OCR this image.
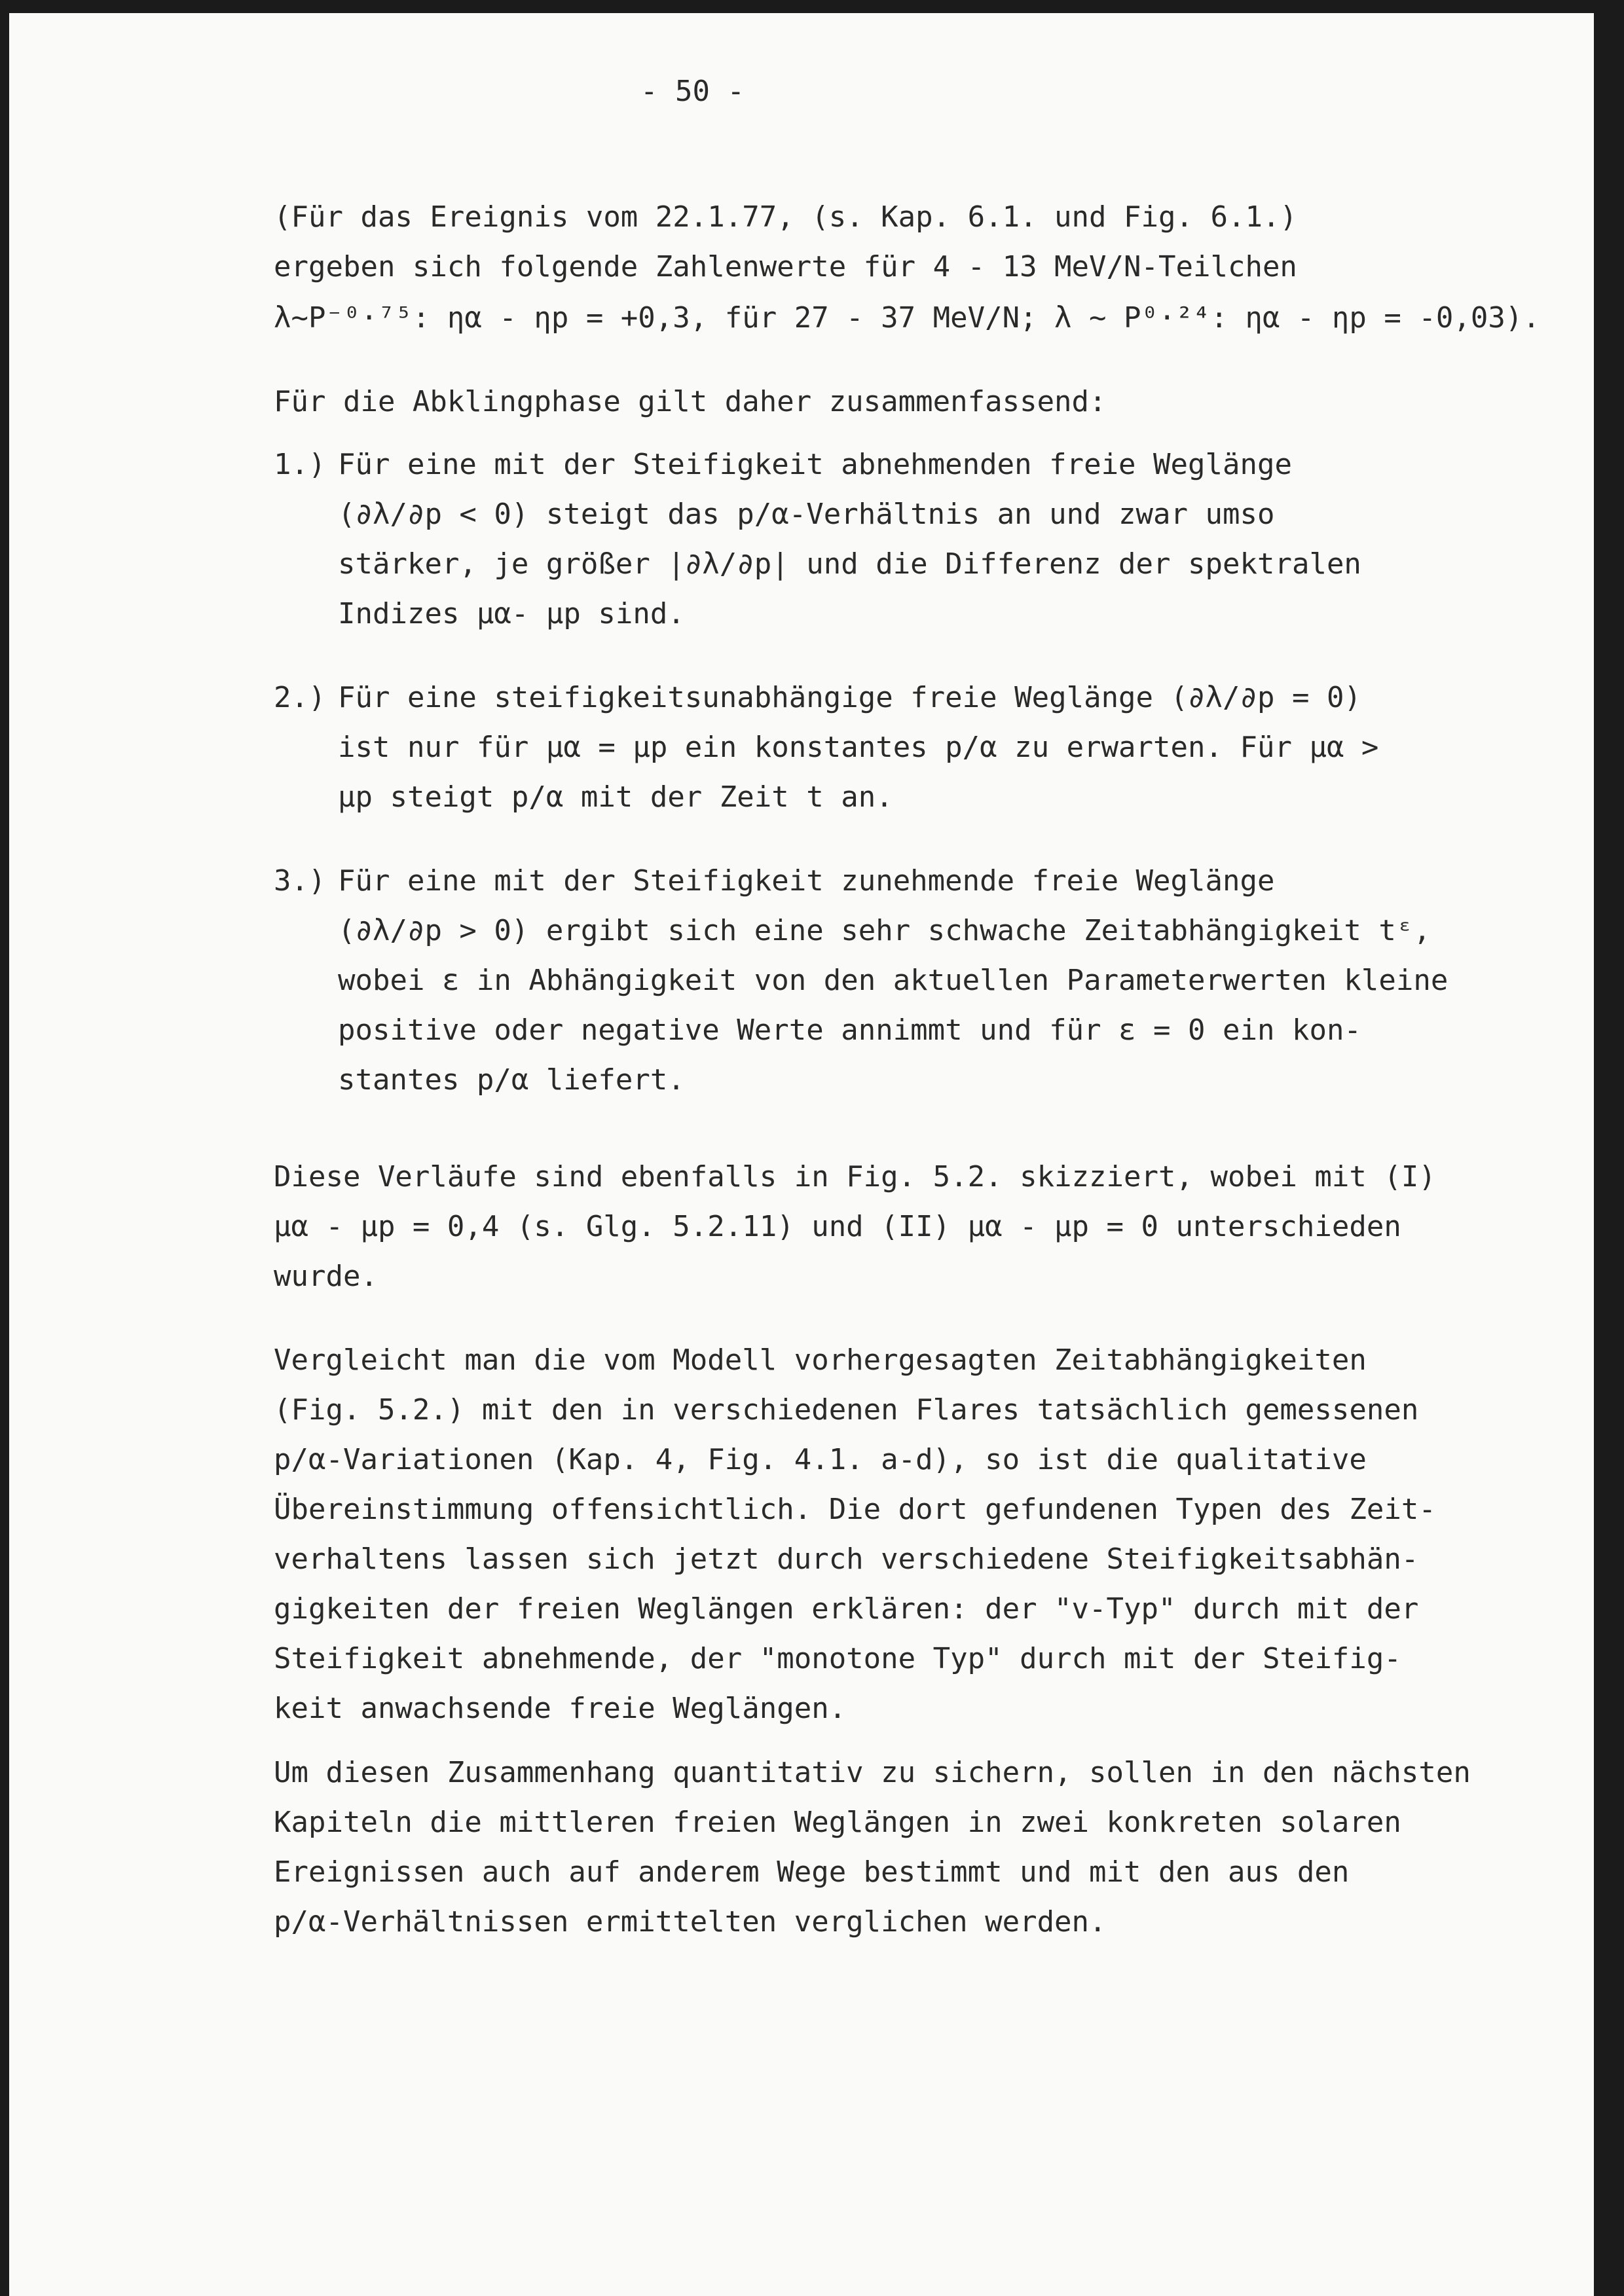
- 50 -
(Für das Ereignis vom 22.1.77, (s. Kap. 6.1. und Fig. 6.1.)
ergeben sich folgende Zahlenwerte für 4 - 13 MeV/N-Teilchen
λ∼P⁻⁰·⁷⁵: ηα - ηp = +0,3, für 27 - 37 MeV/N; λ ∼ P⁰·²⁴: ηα - ηp = -0,03).
Für die Abklingphase gilt daher zusammenfassend:
1.) Für eine mit der Steifigkeit abnehmenden freie Weglänge
(∂λ/∂p < 0) steigt das p/α-Verhältnis an und zwar umso
stärker, je größer |∂λ/∂p| und die Differenz der spektralen
Indizes μα- μp sind.
2.) Für eine steifigkeitsunabhängige freie Weglänge (∂λ/∂p = 0)
ist nur für μα = μp ein konstantes p/α zu erwarten. Für μα >
μp steigt p/α mit der Zeit t an.
3.) Für eine mit der Steifigkeit zunehmende freie Weglänge
(∂λ/∂p > 0) ergibt sich eine sehr schwache Zeitabhängigkeit tᵋ,
wobei ε in Abhängigkeit von den aktuellen Parameterwerten kleine
positive oder negative Werte annimmt und für ε = 0 ein kon-
stantes p/α liefert.
Diese Verläufe sind ebenfalls in Fig. 5.2. skizziert, wobei mit (I)
μα - μp = 0,4 (s. Glg. 5.2.11) und (II) μα - μp = 0 unterschieden
wurde.
Vergleicht man die vom Modell vorhergesagten Zeitabhängigkeiten
(Fig. 5.2.) mit den in verschiedenen Flares tatsächlich gemessenen
p/α-Variationen (Kap. 4, Fig. 4.1. a-d), so ist die qualitative
Übereinstimmung offensichtlich. Die dort gefundenen Typen des Zeit-
verhaltens lassen sich jetzt durch verschiedene Steifigkeitsabhän-
gigkeiten der freien Weglängen erklären: der "v-Typ" durch mit der
Steifigkeit abnehmende, der "monotone Typ" durch mit der Steifig-
keit anwachsende freie Weglängen.
Um diesen Zusammenhang quantitativ zu sichern, sollen in den nächsten
Kapiteln die mittleren freien Weglängen in zwei konkreten solaren
Ereignissen auch auf anderem Wege bestimmt und mit den aus den
p/α-Verhältnissen ermittelten verglichen werden.
